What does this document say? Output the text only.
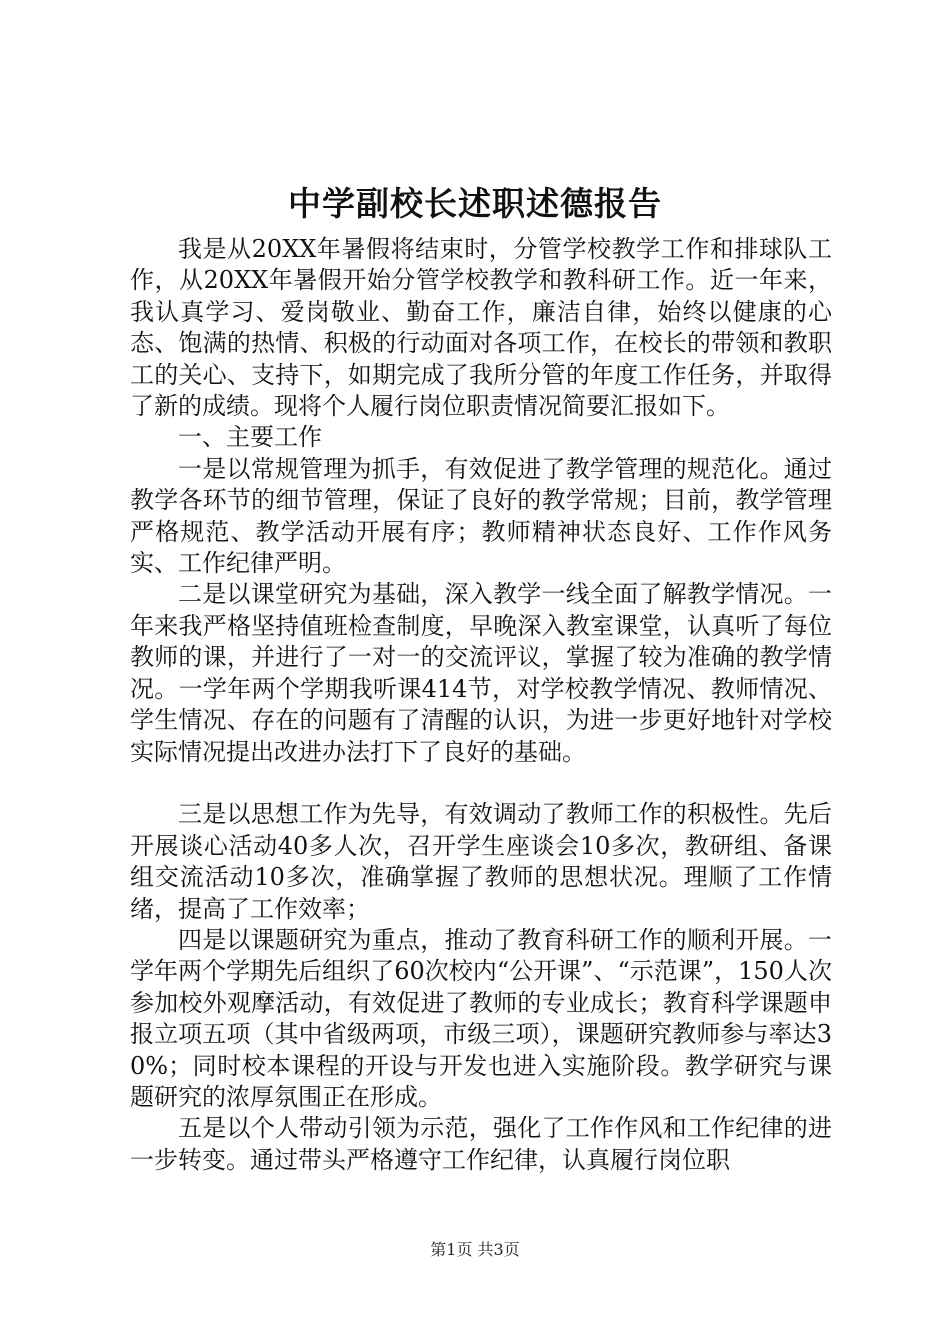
中学副校长述职述德报告

我是从20XX年暑假将结束时，分管学校教学工作和排球队工作，从20XX年暑假开始分管学校教学和教科研工作。近一年来，我认真学习、爱岗敬业、勤奋工作，廉洁自律，始终以健康的心态、饱满的热情、积极的行动面对各项工作，在校长的带领和教职工的关心、支持下，如期完成了我所分管的年度工作任务，并取得了新的成绩。现将个人履行岗位职责情况简要汇报如下。

一、主要工作

一是以常规管理为抓手，有效促进了教学管理的规范化。通过教学各环节的细节管理，保证了良好的教学常规；目前，教学管理严格规范、教学活动开展有序；教师精神状态良好、工作作风务实、工作纪律严明。

二是以课堂研究为基础，深入教学一线全面了解教学情况。一年来我严格坚持值班检查制度，早晚深入教室课堂，认真听了每位教师的课，并进行了一对一的交流评议，掌握了较为准确的教学情况。一学年两个学期我听课414节，对学校教学情况、教师情况、学生情况、存在的问题有了清醒的认识，为进一步更好地针对学校实际情况提出改进办法打下了良好的基础。

三是以思想工作为先导，有效调动了教师工作的积极性。先后开展谈心活动40多人次，召开学生座谈会10多次，教研组、备课组交流活动10多次，准确掌握了教师的思想状况。理顺了工作情绪，提高了工作效率；

四是以课题研究为重点，推动了教育科研工作的顺利开展。一学年两个学期先后组织了60次校内“公开课”、“示范课”，150人次参加校外观摩活动，有效促进了教师的专业成长；教育科学课题申报立项五项（其中省级两项，市级三项），课题研究教师参与率达30%；同时校本课程的开设与开发也进入实施阶段。教学研究与课题研究的浓厚氛围正在形成。

五是以个人带动引领为示范，强化了工作作风和工作纪律的进一步转变。通过带头严格遵守工作纪律，认真履行岗位职

第1页 共3页
